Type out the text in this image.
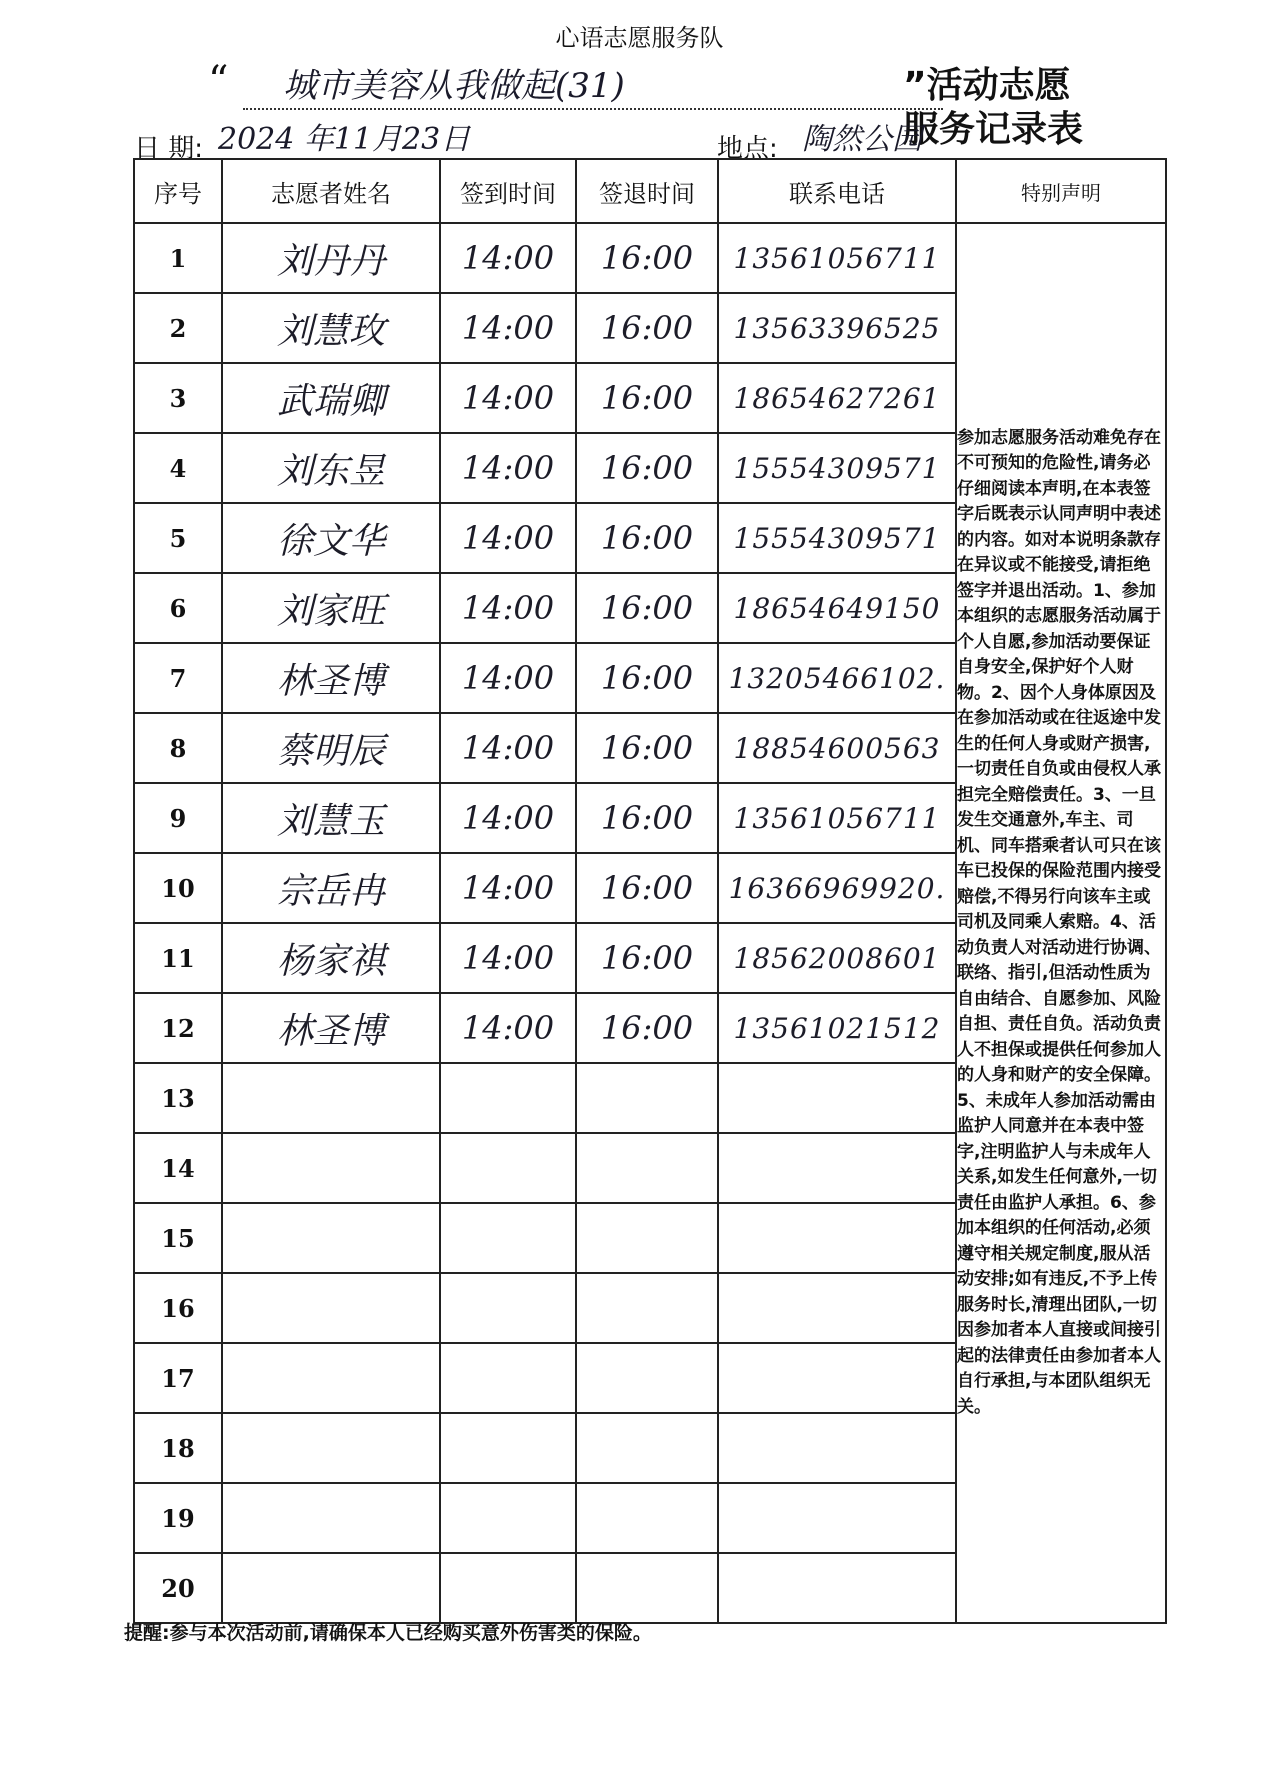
心语志愿服务队
“	城市美容从我做起(31)	”活动志愿服务记录表
日 期: 2024 年11月23日	地点: 陶然公园
序号	志愿者姓名	签到时间	签退时间	联系电话	特别声明
1	刘丹丹	14:00	16:00	13561056711	参加志愿服务活动难免存在不可预知的危险性,请务必仔细阅读本声明,在本表签字后既表示认同声明中表述的内容。如对本说明条款存在异议或不能接受,请拒绝签字并退出活动。1、参加本组织的志愿服务活动属于个人自愿,参加活动要保证自身安全,保护好个人财物。2、因个人身体原因及在参加活动或在往返途中发生的任何人身或财产损害,一切责任自负或由侵权人承担完全赔偿责任。3、一旦发生交通意外,车主、司机、同车搭乘者认可只在该车已投保的保险范围内接受赔偿,不得另行向该车主或司机及同乘人索赔。4、活动负责人对活动进行协调、联络、指引,但活动性质为自由结合、自愿参加、风险自担、责任自负。活动负责人不担保或提供任何参加人的人身和财产的安全保障。5、未成年人参加活动需由监护人同意并在本表中签字,注明监护人与未成年人关系,如发生任何意外,一切责任由监护人承担。6、参加本组织的任何活动,必须遵守相关规定制度,服从活动安排;如有违反,不予上传服务时长,清理出团队,一切因参加者本人直接或间接引起的法律责任由参加者本人自行承担,与本团队组织无关。
2	刘慧玫	14:00	16:00	13563396525	
3	武瑞卿	14:00	16:00	18654627261	
4	刘东昱	14:00	16:00	15554309571	
5	徐文华	14:00	16:00	15554309571	
6	刘家旺	14:00	16:00	18654649150	
7	林圣博	14:00	16:00	13205466102.	
8	蔡明辰	14:00	16:00	18854600563	
9	刘慧玉	14:00	16:00	13561056711	
10	宗岳冉	14:00	16:00	16366969920.	
11	杨家祺	14:00	16:00	18562008601	
12	林圣博	14:00	16:00	13561021512	
13					
14					
15					
16					
17					
18					
19					
20					
提醒:参与本次活动前,请确保本人已经购买意外伤害类的保险。
